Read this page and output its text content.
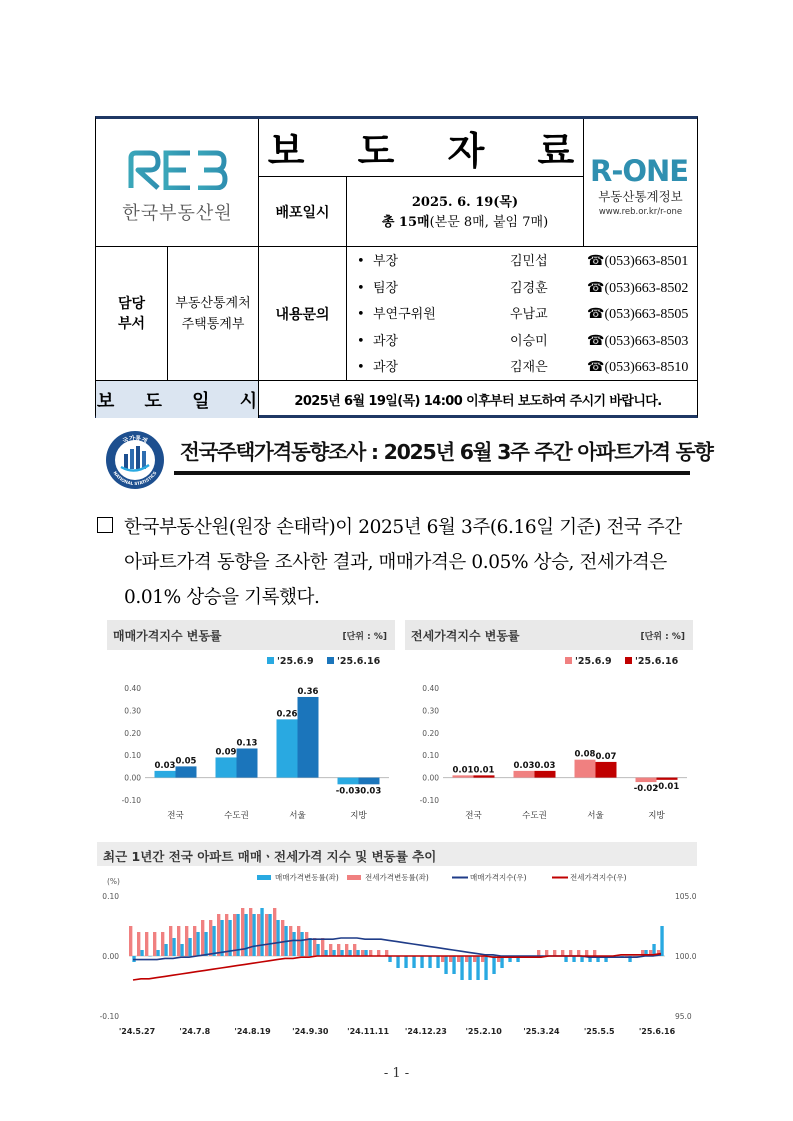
한국부동산원
보 도 자 료
R-ONE
부동산통계정보
www.reb.or.kr/r-one
배포일시
2025. 6. 19(목)
총 15매(본문 8매, 붙임 7매)
담당
부서
부동산통계처
주택통계부
내용문의
• 부장	김민섭	☎(053)663-8501
• 팀장	김경훈	☎(053)663-8502
• 부연구위원	우남교	☎(053)663-8505
• 과장	이승미	☎(053)663-8503
• 과장	김재은	☎(053)663-8510
보 도 일 시	2025년 6월 19일(목) 14:00 이후부터 보도하여 주시기 바랍니다.
국가통계
NATIONAL STATISTICS
전국주택가격동향조사 : 2025년 6월 3주 주간 아파트가격 동향

한국부동산원(원장 손태락)이 2025년 6월 3주(6.16일 기준) 전국 주간 아파트가격 동향을 조사한 결과, 매매가격은 0.05% 상승, 전세가격은 0.01% 상승을 기록했다.

매매가격지수 변동률	[단위 : %]
'25.6.9 '25.6.16
0.40
0.30
0.20
0.10
0.00
-0.10
0.03 0.05
전국
0.09
0.13
수도권
0.26
0.36
서울
-0.03
-0.03
지방
전세가격지수 변동률	[단위 : %]
'25.6.9 '25.6.16
0.40
0.30
0.20
0.10
0.00
-0.10
0.01 0.01
전국
0.03 0.03
수도권
0.08 0.07
서울
-0.02
-0.01
지방
최근 1년간 전국 아파트 매매ㆍ전세가격 지수 및 변동률 추이
매매가격변동률(좌)	전세가격변동률(좌)	매매가격지수(우)	전세가격지수(우)
(%)
0.10
0.00
-0.10
105.0
100.0
95.0
'24.5.27	'24.7.8	'24.8.19	'24.9.30 '24.11.11 '24.12.23 '25.2.10	'25.3.24	'25.5.5	'25.6.16
- 1 -
